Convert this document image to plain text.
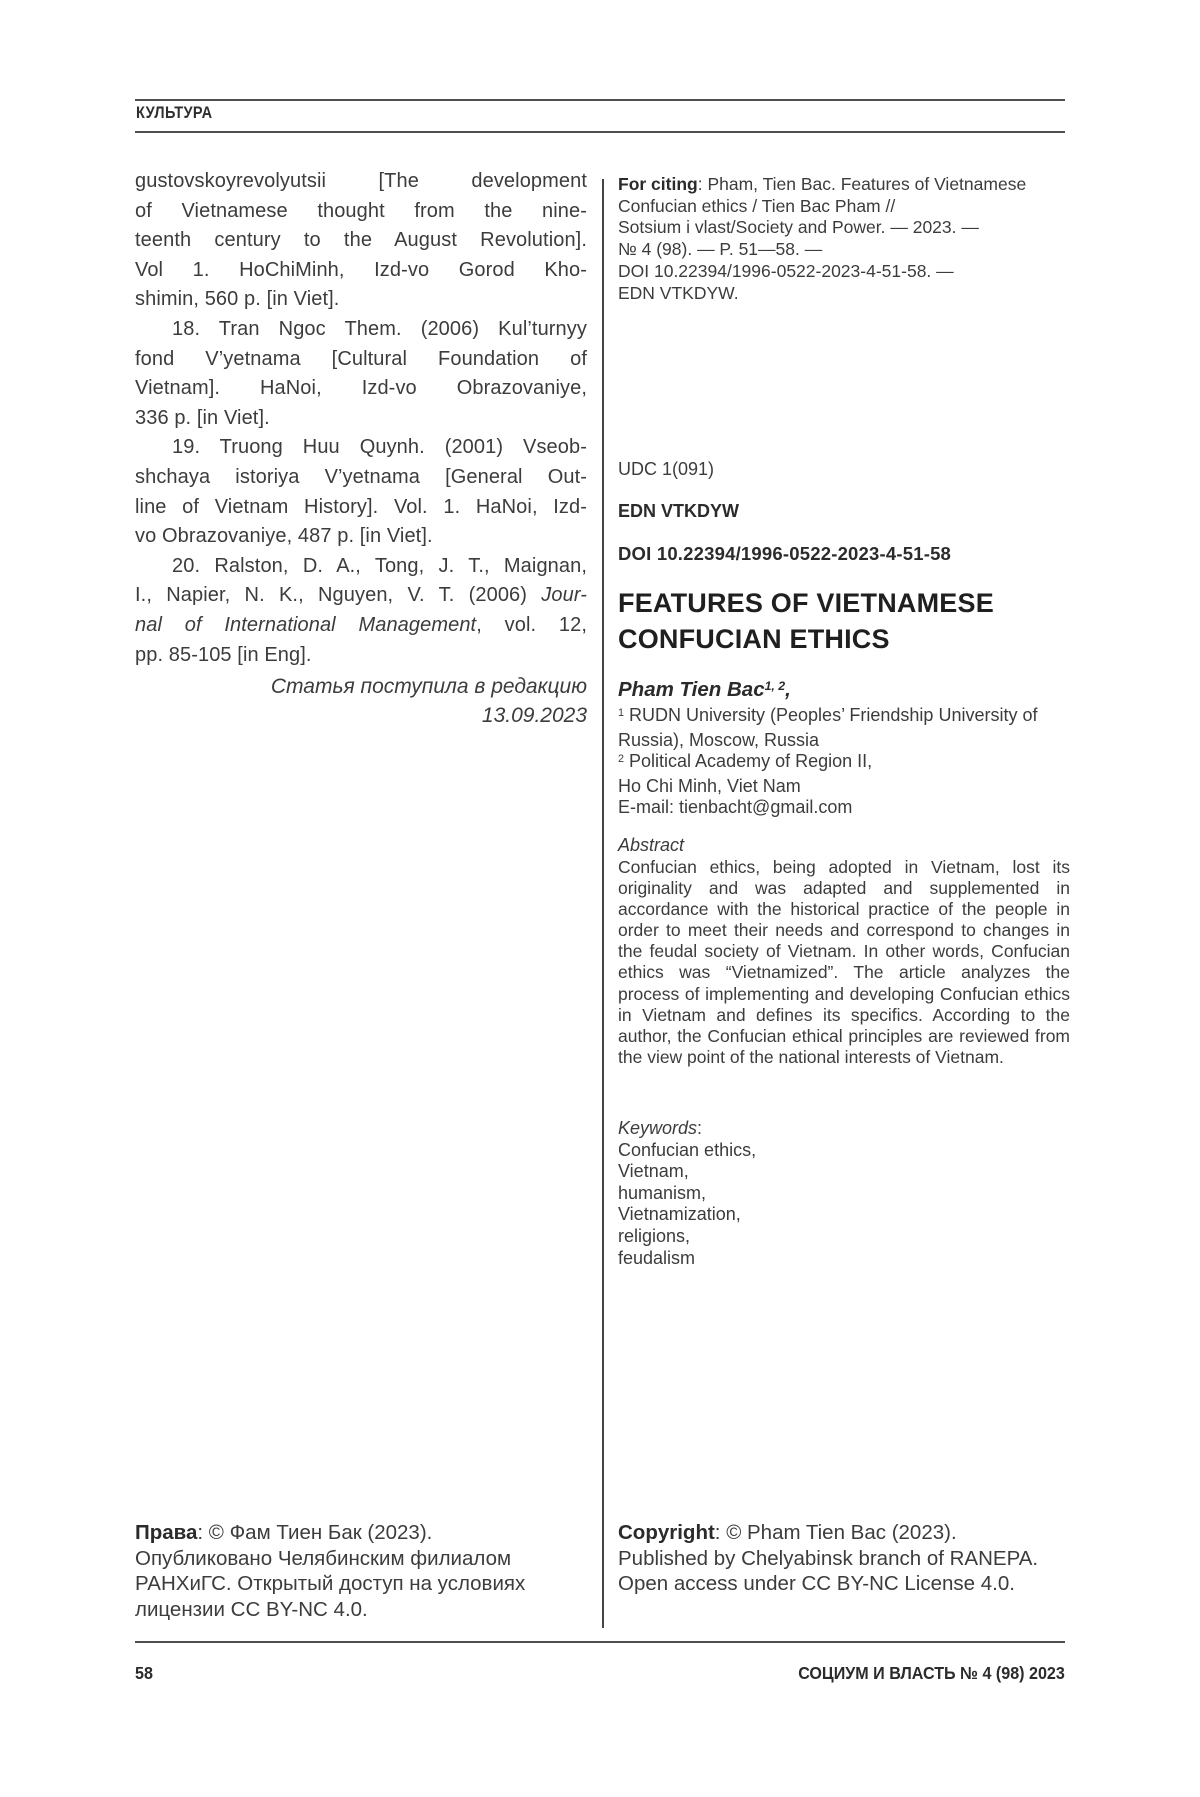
КУЛЬТУРА
gustovskoyrevolyutsii [The development
of Vietnamese thought from the nine-
teenth century to the August Revolution].
Vol 1. HoChiMinh, Izd-vo Gorod Kho-
shimin, 560 p. [in Viet].
18. Tran Ngoc Them. (2006) Kul’turnyy
fond V’yetnama [Cultural Foundation of
Vietnam]. HaNoi, Izd-vo Obrazovaniye,
336 p. [in Viet].
19. Truong Huu Quynh. (2001) Vseob-
shchaya istoriya V’yetnama [General Out-
line of Vietnam History]. Vol. 1. HaNoi, Izd-
vo Obrazovaniye, 487 p. [in Viet].
20. Ralston, D. A., Tong, J. T., Maignan,
I., Napier, N. K., Nguyen, V. T. (2006) Jour-
nal of International Management, vol. 12,
pp. 85-105 [in Eng].
Статья поступила в редакцию
13.09.2023
Права: © Фам Тиен Бак (2023).
Опубликовано Челябинским филиалом
РАНХиГС. Открытый доступ на условиях
лицензии CC BY-NC 4.0.
For citing: Pham, Tien Bac. Features of Vietnamese
Confucian ethics / Tien Bac Pham //
Sotsium i vlast/Society and Power. — 2023. —
№ 4 (98). — P. 51—58. —
DOI 10.22394/1996-0522-2023-4-51-58. —
EDN VTKDYW.
UDC 1(091)
EDN VTKDYW
DOI 10.22394/1996-0522-2023-4-51-58
FEATURES OF VIETNAMESE CONFUCIAN ETHICS
Pham Tien Bac$^{1, 2}$,
$^1$ RUDN University (Peoples’ Friendship University of
Russia), Moscow, Russia
$^2$ Political Academy of Region II,
Ho Chi Minh, Viet Nam
E-mail: tienbacht@gmail.com
Abstract
Confucian ethics, being adopted in Vietnam, lost its originality and was adapted and supplemented in accordance with the historical practice of the people in order to meet their needs and correspond to changes in the feudal society of Vietnam. In other words, Confucian ethics was “Vietnamized”. The article analyzes the process of implementing and developing Confucian ethics in Vietnam and defines its specifics. According to the author, the Confucian ethical principles are reviewed from the view point of the national interests of Vietnam.
Keywords:
Confucian ethics,
Vietnam,
humanism,
Vietnamization,
religions,
feudalism
Copyright: © Pham Tien Bac (2023).
Published by Chelyabinsk branch of RANEPA.
Open access under CC BY-NC License 4.0.
58	СОЦИУМ И ВЛАСТЬ № 4 (98) 2023
